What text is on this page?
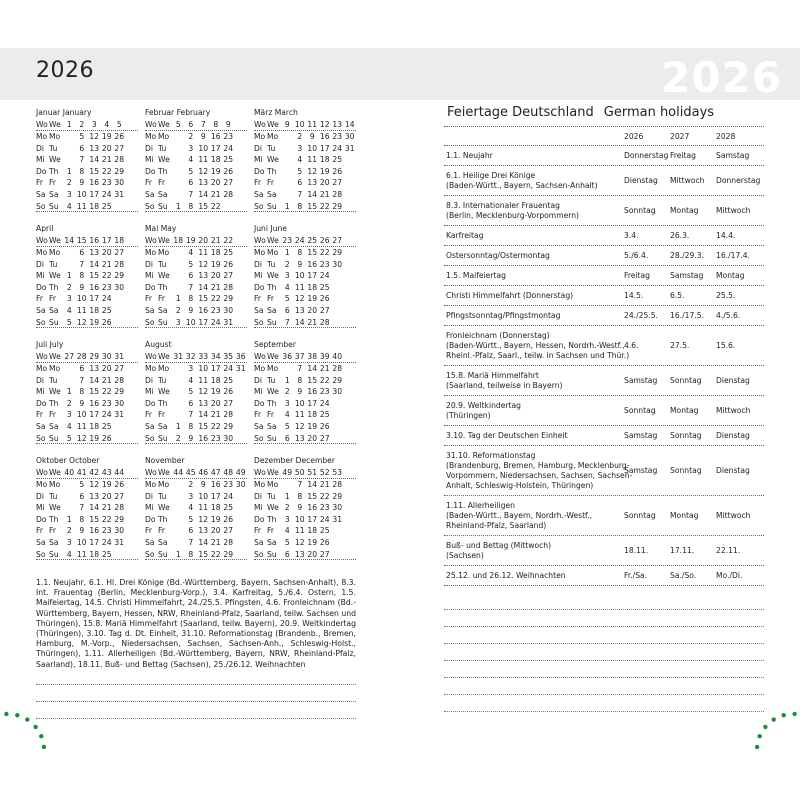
2026	2026
Januar January
Wo We 1	2	3	4	5
Mo Mo	5 12 19 26
Di Tu	6 13 20 27
Mi We	7 14 21 28
Do Th	1	8 15 22 29
Fr Fr	2	9 16 23 30
Sa Sa	3 10 17 24 31
So Su	4 11 18 25
Februar February
Wo We 5	6	7	8	9
Mo Mo	2	9 16 23
Di Tu	3 10 17 24
Mi We	4 11 18 25
Do Th	5 12 19 26
Fr Fr	6 13 20 27
Sa Sa	7 14 21 28
So Su	1	8 15 22
März March
Wo We 9 10 11 12 13 14
Mo Mo	2	9 16 23 30
Di Tu	3 10 17 24 31
Mi We	4 11 18 25
Do Th	5 12 19 26
Fr Fr	6 13 20 27
Sa Sa	7 14 21 28
So Su	1	8 15 22 29
April
Wo We 14 15 16 17 18
Mo Mo	6 13 20 27
Di Tu	7 14 21 28
Mi We 1	8 15 22 29
Do Th	2	9 16 23 30
Fr Fr	3 10 17 24
Sa Sa	4 11 18 25
So Su	5 12 19 26
Mai May
Wo We 18 19 20 21 22
Mo Mo	4 11 18 25
Di Tu	5 12 19 26
Mi We	6 13 20 27
Do Th	7 14 21 28
Fr Fr	1	8 15 22 29
Sa Sa	2	9 16 23 30
So Su	3 10 17 24 31
Juni June
Wo We 23 24 25 26 27
Mo Mo 1	8 15 22 29
Di Tu	2	9 16 23 30
Mi We 3 10 17 24
Do Th	4 11 18 25
Fr Fr	5 12 19 26
Sa Sa	6 13 20 27
So Su	7 14 21 28
Juli July
Wo We 27 28 29 30 31
Mo Mo	6 13 20 27
Di Tu	7 14 21 28
Mi We 1	8 15 22 29
Do Th	2	9 16 23 30
Fr Fr	3 10 17 24 31
Sa Sa	4 11 18 25
So Su	5 12 19 26
August
Wo We 31 32 33 34 35 36
Mo Mo	3 10 17 24 31
Di Tu	4 11 18 25
Mi We	5 12 19 26
Do Th	6 13 20 27
Fr Fr	7 14 21 28
Sa Sa	1	8 15 22 29
So Su	2	9 16 23 30
September
Wo We 36 37 38 39 40
Mo Mo	7 14 21 28
Di Tu	1	8 15 22 29
Mi We 2	9 16 23 30
Do Th	3 10 17 24
Fr Fr	4 11 18 25
Sa Sa	5 12 19 26
So Su	6 13 20 27
Oktober October
Wo We 40 41 42 43 44
Mo Mo	5 12 19 26
Di Tu	6 13 20 27
Mi We	7 14 21 28
Do Th	1	8 15 22 29
Fr Fr	2	9 16 23 30
Sa Sa	3 10 17 24 31
So Su	4 11 18 25
November
Wo We 44 45 46 47 48 49
Mo Mo	2	9 16 23 30
Di Tu	3 10 17 24
Mi We	4 11 18 25
Do Th	5 12 19 26
Fr Fr	6 13 20 27
Sa Sa	7 14 21 28
So Su	1	8 15 22 29
Dezember December
Wo We 49 50 51 52 53
Mo Mo	7 14 21 28
Di Tu	1	8 15 22 29
Mi We 2	9 16 23 30
Do Th	3 10 17 24 31
Fr Fr	4 11 18 25
Sa Sa	5 12 19 26
So Su	6 13 20 27
1.1. Neujahr, 6.1. Hl. Drei Könige (Bd.-Württemberg, Bayern, Sachsen-Anhalt), 8.3. Int. Frauentag (Berlin, Mecklenburg-Vorp.), 3.4. Karfreitag, 5./6.4. Ostern, 1.5. Maifeiertag, 14.5. Christi Himmelfahrt, 24./25.5. Pfingsten, 4.6. Fronleichnam (Bd.-Württemberg, Bayern, Hessen, NRW, Rheinland-Pfalz, Saarland, teilw. Sachsen und Thüringen), 15.8. Mariä Himmelfahrt (Saarland, teilw. Bayern), 20.9. Weltkindertag (Thüringen), 3.10. Tag d. Dt. Einheit, 31.10. Reformationstag (Brandenb., Bremen, Hamburg, M.-Vorp., Niedersachsen, Sachsen, Sachsen-Anh., Schleswig-Holst., Thüringen), 1.11. Allerheiligen (Bd.-Württemberg, Bayern, NRW, Rheinland-Pfalz, Saarland), 18.11. Buß- und Bettag (Sachsen), 25./26.12. Weihnachten
Feiertage Deutschland German holidays
2026	2027	2028
1.1. Neujahr	Donnerstag Freitag	Samstag
6.1. Heilige Drei Könige
(Baden-Württ., Bayern, Sachsen-Anhalt)	Dienstag	Mittwoch	Donnerstag
8.3. Internationaler Frauentag
(Berlin, Mecklenburg-Vorpommern)	Sonntag	Montag	Mittwoch
Karfreitag	3.4.	26.3.	14.4.
Ostersonntag/Ostermontag	5./6.4.	28./29.3.	16./17.4.
1.5. Maifeiertag	Freitag	Samstag	Montag
Christi Himmelfahrt (Donnerstag)	14.5.	6.5.	25.5.
Pfingstsonntag/Pfingstmontag	24./25.5.	16./17.5.	4./5.6.
Fronleichnam (Donnerstag)
(Baden-Württ., Bayern, Hessen, Nordrh.-Westf.,
Rheinl.-Pfalz, Saarl., teilw. in Sachsen und Thür.)
4.6.	27.5.	15.6.
15.8. Mariä Himmelfahrt
(Saarland, teilweise in Bayern)	Samstag	Sonntag	Dienstag
20.9. Weltkindertag
(Thüringen)	Sonntag	Montag	Mittwoch
3.10. Tag der Deutschen Einheit	Samstag	Sonntag	Dienstag
31.10. Reformationstag
(Brandenburg, Bremen, Hamburg, Mecklenburg-
Vorpommern, Niedersachsen, Sachsen, Sachsen-
Anhalt, Schleswig-Holstein, Thüringen)
Samstag	Sonntag	Dienstag
1.11. Allerheiligen
(Baden-Württ., Bayern, Nordrh.-Westf.,
Rheinland-Pfalz, Saarland)
Sonntag	Montag	Mittwoch
Buß- und Bettag (Mittwoch)
(Sachsen)	18.11.	17.11.	22.11.
25.12. und 26.12. Weihnachten	Fr./Sa.	Sa./So.	Mo./Di.
